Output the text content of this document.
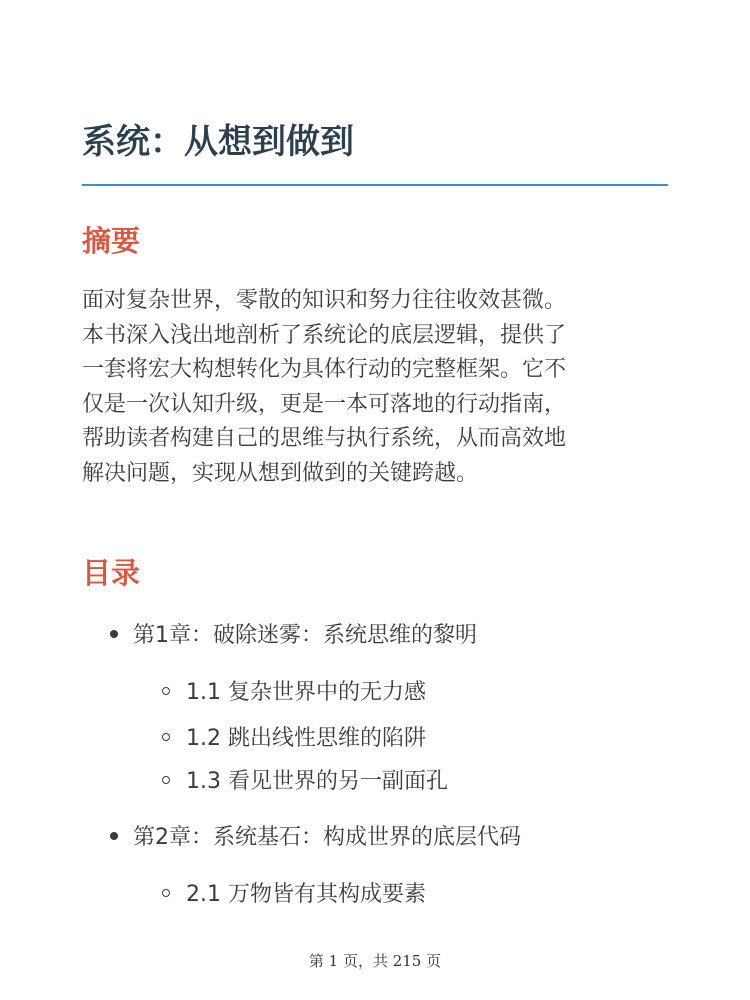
系统：从想到做到
摘要

面对复杂世界，零散的知识和努力往往收效甚微。
本书深入浅出地剖析了系统论的底层逻辑，提供了
一套将宏大构想转化为具体行动的完整框架。它不
仅是一次认知升级，更是一本可落地的行动指南，
帮助读者构建自己的思维与执行系统，从而高效地
解决问题，实现从想到做到的关键跨越。

目录
第1章：破除迷雾：系统思维的黎明
1.1 复杂世界中的无力感
1.2 跳出线性思维的陷阱
1.3 看见世界的另一副面孔
第2章：系统基石：构成世界的底层代码
2.1 万物皆有其构成要素
第 1 页，共 215 页
